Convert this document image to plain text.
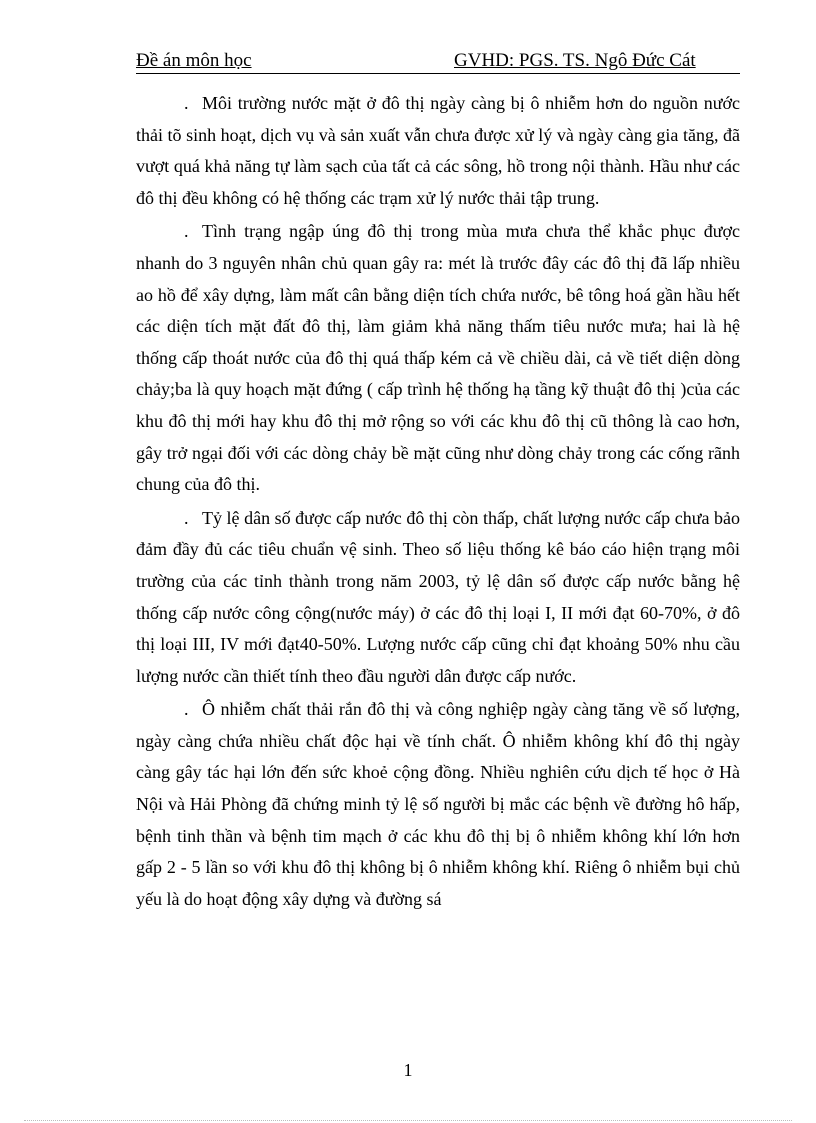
Đề án môn học	GVHD: PGS. TS. Ngô Đức Cát

. Môi trường nước mặt ở đô thị ngày càng bị ô nhiễm hơn do nguồn nước thải tõ sinh hoạt, dịch vụ và sản xuất vẫn chưa được xử lý và ngày càng gia tăng, đã vượt quá khả năng tự làm sạch của tất cả các sông, hồ trong nội thành. Hầu như các đô thị đều không có hệ thống các trạm xử lý nước thải tập trung.

. Tình trạng ngập úng đô thị trong mùa mưa chưa thể khắc phục được nhanh do 3 nguyên nhân chủ quan gây ra: mét là trước đây các đô thị đã lấp nhiều ao hồ để xây dựng, làm mất cân bằng diện tích chứa nước, bê tông hoá gần hầu hết các diện tích mặt đất đô thị, làm giảm khả năng thấm tiêu nước mưa; hai là hệ thống cấp thoát nước của đô thị quá thấp kém cả về chiều dài, cả về tiết diện dòng chảy;ba là quy hoạch mặt đứng ( cấp trình hệ thống hạ tầng kỹ thuật đô thị )của các khu đô thị mới hay khu đô thị mở rộng so với các khu đô thị cũ thông là cao hơn, gây trở ngại đối với các dòng chảy bề mặt cũng như dòng chảy trong các cống rãnh chung của đô thị.

. Tỷ lệ dân số được cấp nước đô thị còn thấp, chất lượng nước cấp chưa bảo đảm đầy đủ các tiêu chuẩn vệ sinh. Theo số liệu thống kê báo cáo hiện trạng môi trường của các tỉnh thành trong năm 2003, tỷ lệ dân số được cấp nước bằng hệ thống cấp nước công cộng(nước máy) ở các đô thị loại I, II mới đạt 60-70%, ở đô thị loại III, IV mới đạt40-50%. Lượng nước cấp cũng chỉ đạt khoảng 50% nhu cầu lượng nước cần thiết tính theo đầu người dân được cấp nước.

. Ô nhiễm chất thải rắn đô thị và công nghiệp ngày càng tăng về số lượng, ngày càng chứa nhiều chất độc hại về tính chất. Ô nhiễm không khí đô thị ngày càng gây tác hại lớn đến sức khoẻ cộng đồng. Nhiều nghiên cứu dịch tế học ở Hà Nội và Hải Phòng đã chứng minh tỷ lệ số người bị mắc các bệnh về đường hô hấp, bệnh tinh thần và bệnh tim mạch ở các khu đô thị bị ô nhiễm không khí lớn hơn gấp 2 - 5 lần so với khu đô thị không bị ô nhiễm không khí. Riêng ô nhiễm bụi chủ yếu là do hoạt động xây dựng và đường sá

1
